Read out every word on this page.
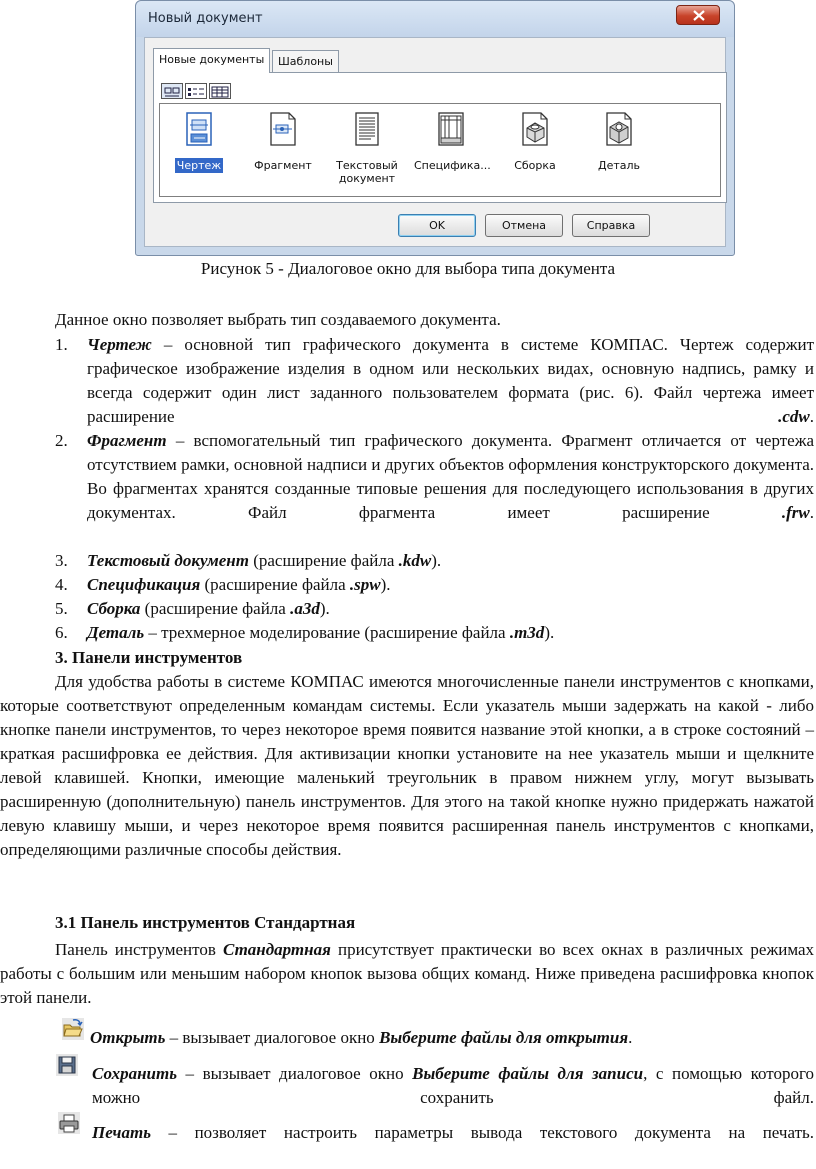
Новый документ
Новые документы	Шаблоны
Чертеж	Фрагмент	Текстовый документ
Специфика...	Сборка	Деталь
OK	Отмена	Справка
Рисунок 5 - Диалоговое окно для выбора типа документа
Данное окно позволяет выбрать тип создаваемого документа.
1. Чертеж – основной тип графического документа в системе КОМПАС. Чертеж содержит графическое изображение изделия в одном или нескольких видах, основную надпись, рамку и всегда содержит один лист заданного пользователем формата (рис. 6). Файл чертежа имеет расширение .cdw.
2. Фрагмент – вспомогательный тип графического документа. Фрагмент отличается от чертежа отсутствием рамки, основной надписи и других объектов оформления конструкторского документа. Во фрагментах хранятся созданные типовые решения для последующего использования в других документах. Файл фрагмента имеет расширение .frw.
3. Текстовый документ (расширение файла .kdw).
4. Спецификация (расширение файла .spw).
5. Сборка (расширение файла .a3d).
6. Деталь – трехмерное моделирование (расширение файла .m3d).
3. Панели инструментов
Для удобства работы в системе КОМПАС имеются многочисленные панели инструментов с кнопками, которые соответствуют определенным командам системы. Если указатель мыши задержать на какой - либо кнопке панели инструментов, то через некоторое время появится название этой кнопки, а в строке состояний – краткая расшифровка ее действия. Для активизации кнопки установите на нее указатель мыши и щелкните левой клавишей. Кнопки, имеющие маленький треугольник в правом нижнем углу, могут вызывать расширенную (дополнительную) панель инструментов. Для этого на такой кнопке нужно придержать нажатой левую клавишу мыши, и через некоторое время появится расширенная панель инструментов с кнопками, определяющими различные способы действия.
3.1 Панель инструментов Стандартная
Панель инструментов Стандартная присутствует практически во всех окнах в различных режимах работы с большим или меньшим набором кнопок вызова общих команд. Ниже приведена расшифровка кнопок этой панели.
Открыть – вызывает диалоговое окно Выберите файлы для открытия.
Сохранить – вызывает диалоговое окно Выберите файлы для записи, с помощью которого можно сохранить файл.
Печать – позволяет настроить параметры вывода текстового документа на печать.
